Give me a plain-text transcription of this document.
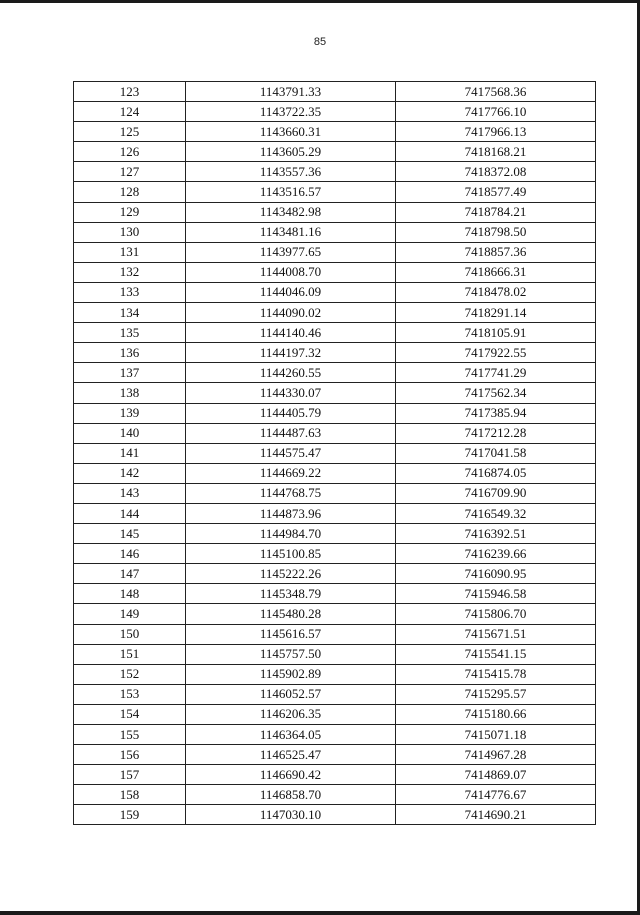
85
123	1143791.33	7417568.36
124	1143722.35	7417766.10
125	1143660.31	7417966.13
126	1143605.29	7418168.21
127	1143557.36	7418372.08
128	1143516.57	7418577.49
129	1143482.98	7418784.21
130	1143481.16	7418798.50
131	1143977.65	7418857.36
132	1144008.70	7418666.31
133	1144046.09	7418478.02
134	1144090.02	7418291.14
135	1144140.46	7418105.91
136	1144197.32	7417922.55
137	1144260.55	7417741.29
138	1144330.07	7417562.34
139	1144405.79	7417385.94
140	1144487.63	7417212.28
141	1144575.47	7417041.58
142	1144669.22	7416874.05
143	1144768.75	7416709.90
144	1144873.96	7416549.32
145	1144984.70	7416392.51
146	1145100.85	7416239.66
147	1145222.26	7416090.95
148	1145348.79	7415946.58
149	1145480.28	7415806.70
150	1145616.57	7415671.51
151	1145757.50	7415541.15
152	1145902.89	7415415.78
153	1146052.57	7415295.57
154	1146206.35	7415180.66
155	1146364.05	7415071.18
156	1146525.47	7414967.28
157	1146690.42	7414869.07
158	1146858.70	7414776.67
159	1147030.10	7414690.21
